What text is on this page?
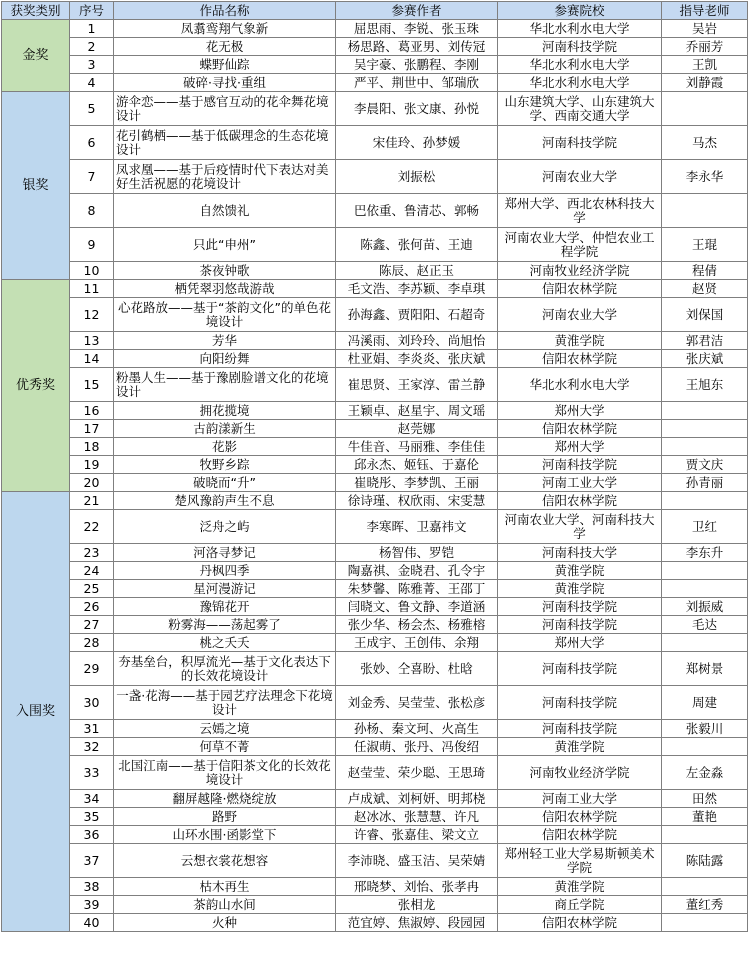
获奖类别	序号	作品名称	参赛作者	参赛院校	指导老师
金奖	1	凤翥鸾翔气象新	屈思雨、李锐、张玉珠	华北水利水电大学	吴岩
	2	花无极	杨思路、葛亚男、刘传冠	河南科技学院	乔丽芳
	3	蝶野仙踪	吴宇豪、张鹏程、李刚	华北水利水电大学	王凯
	4	破碎·寻找·重组	严平、荆世中、邹瑞欣	华北水利水电大学	刘静霞
银奖	5	游伞恋——基于感官互动的花伞舞花境设计	李晨阳、张文康、孙悦	山东建筑大学、山东建筑大学、西南交通大学	
	6	花引鹤栖——基于低碳理念的生态花境设计	宋佳玲、孙梦媛	河南科技学院	马杰
	7	凤求凰——基于后疫情时代下表达对美好生活祝愿的花境设计	刘振松	河南农业大学	李永华
	8	自然馈礼	巴依重、鲁清芯、郭畅	郑州大学、西北农林科技大学	
	9	只此“申州”	陈鑫、张何苗、王迪	河南农业大学、仲恺农业工程学院	王琨
	10	茶夜钟歌	陈辰、赵正玉	河南牧业经济学院	程倩
优秀奖	11	栖凭翠羽悠哉游哉	毛文浩、李苏颖、李卓琪	信阳农林学院	赵贤
	12	心花路放——基于“茶韵文化”的单色花境设计	孙海鑫、贾阳阳、石超奇	河南农业大学	刘保国
	13	芳华	冯溪雨、刘玲玲、尚旭怡	黄淮学院	郭君洁
	14	向阳纷舞	杜亚娟、李炎炎、张庆斌	信阳农林学院	张庆斌
	15	粉墨人生——基于豫剧脸谱文化的花境设计	崔思贤、王家淳、雷兰静	华北水利水电大学	王旭东
	16	拥花揽境	王颖卓、赵星宇、周文瑶	郑州大学	
	17	古韵漾新生	赵莞娜	信阳农林学院	
	18	花影	牛佳音、马丽雅、李佳佳	郑州大学	
	19	牧野乡踪	邱永杰、姬钰、于嘉伦	河南科技学院	贾文庆
	20	破晓而“升”	崔晓彤、李梦凯、王丽	河南工业大学	孙青丽
入围奖	21	楚风豫韵声生不息	徐诗瑾、权欣雨、宋雯慧	信阳农林学院	
	22	泛舟之屿	李寒晖、卫嘉祎文	河南农业大学、河南科技大学	卫红
	23	河洛寻梦记	杨智伟、罗铠	河南科技大学	李东升
	24	丹枫四季	陶嘉祺、金晓君、孔令宇	黄淮学院	
	25	星河漫游记	朱梦馨、陈雅菁、王邵丁	黄淮学院	
	26	豫锦花开	闫晓文、鲁文静、李道涵	河南科技学院	刘振威
	27	粉雾海——荡起雾了	张少华、杨会杰、杨雅榕	河南科技学院	毛达
	28	桃之夭夭	王成宇、王创伟、余翔	郑州大学	
	29	夯基垒台，积厚流光—基于文化表达下的长效花境设计	张妙、仝喜盼、杜晗	河南科技学院	郑树景
	30	一盏·花海——基于园艺疗法理念下花境设计	刘金秀、吴莹莹、张松彦	河南科技学院	周建
	31	云嫣之境	孙杨、秦文珂、火高生	河南科技学院	张毅川
	32	何草不菁	任淑萌、张丹、冯俊绍	黄淮学院	
	33	北国江南——基于信阳茶文化的长效花境设计	赵莹莹、荣少聪、王思琦	河南牧业经济学院	左金淼
	34	翻屏越隆·燃烧绽放	卢成斌、刘柯妍、明邦桡	河南工业大学	田然
	35	路野	赵冰冰、张慧慧、许凡	信阳农林学院	董艳
	36	山环水围·函影堂下	许睿、张嘉佳、梁文立	信阳农林学院	
	37	云想衣裳花想容	李沛晓、盛玉洁、吴荣婧	郑州轻工业大学易斯顿美术学院	陈陆露
	38	枯木再生	邢晓梦、刘怡、张孝冉	黄淮学院	
	39	茶韵山水间	张相龙	商丘学院	董红秀
	40	火种	范宜婷、焦淑婷、段园园	信阳农林学院	
